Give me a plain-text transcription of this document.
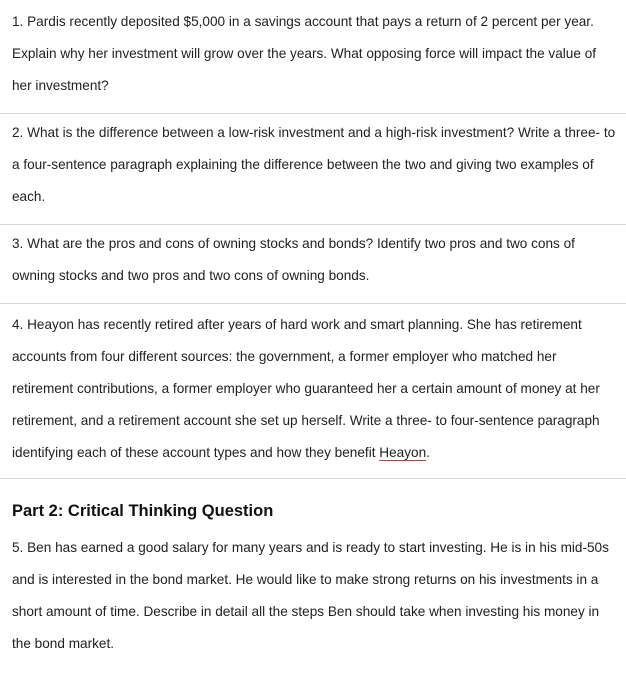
1. Pardis recently deposited $5,000 in a savings account that pays a return of 2 percent per year. Explain why her investment will grow over the years. What opposing force will impact the value of her investment?

2. What is the difference between a low-risk investment and a high-risk investment? Write a three- to a four-sentence paragraph explaining the difference between the two and giving two examples of each.

3. What are the pros and cons of owning stocks and bonds? Identify two pros and two cons of owning stocks and two pros and two cons of owning bonds.

4. Heayon has recently retired after years of hard work and smart planning. She has retirement accounts from four different sources: the government, a former employer who matched her retirement contributions, a former employer who guaranteed her a certain amount of money at her retirement, and a retirement account she set up herself. Write a three- to four-sentence paragraph identifying each of these account types and how they benefit Heayon.

Part 2: Critical Thinking Question

5. Ben has earned a good salary for many years and is ready to start investing. He is in his mid-50s and is interested in the bond market. He would like to make strong returns on his investments in a short amount of time. Describe in detail all the steps Ben should take when investing his money in the bond market.
